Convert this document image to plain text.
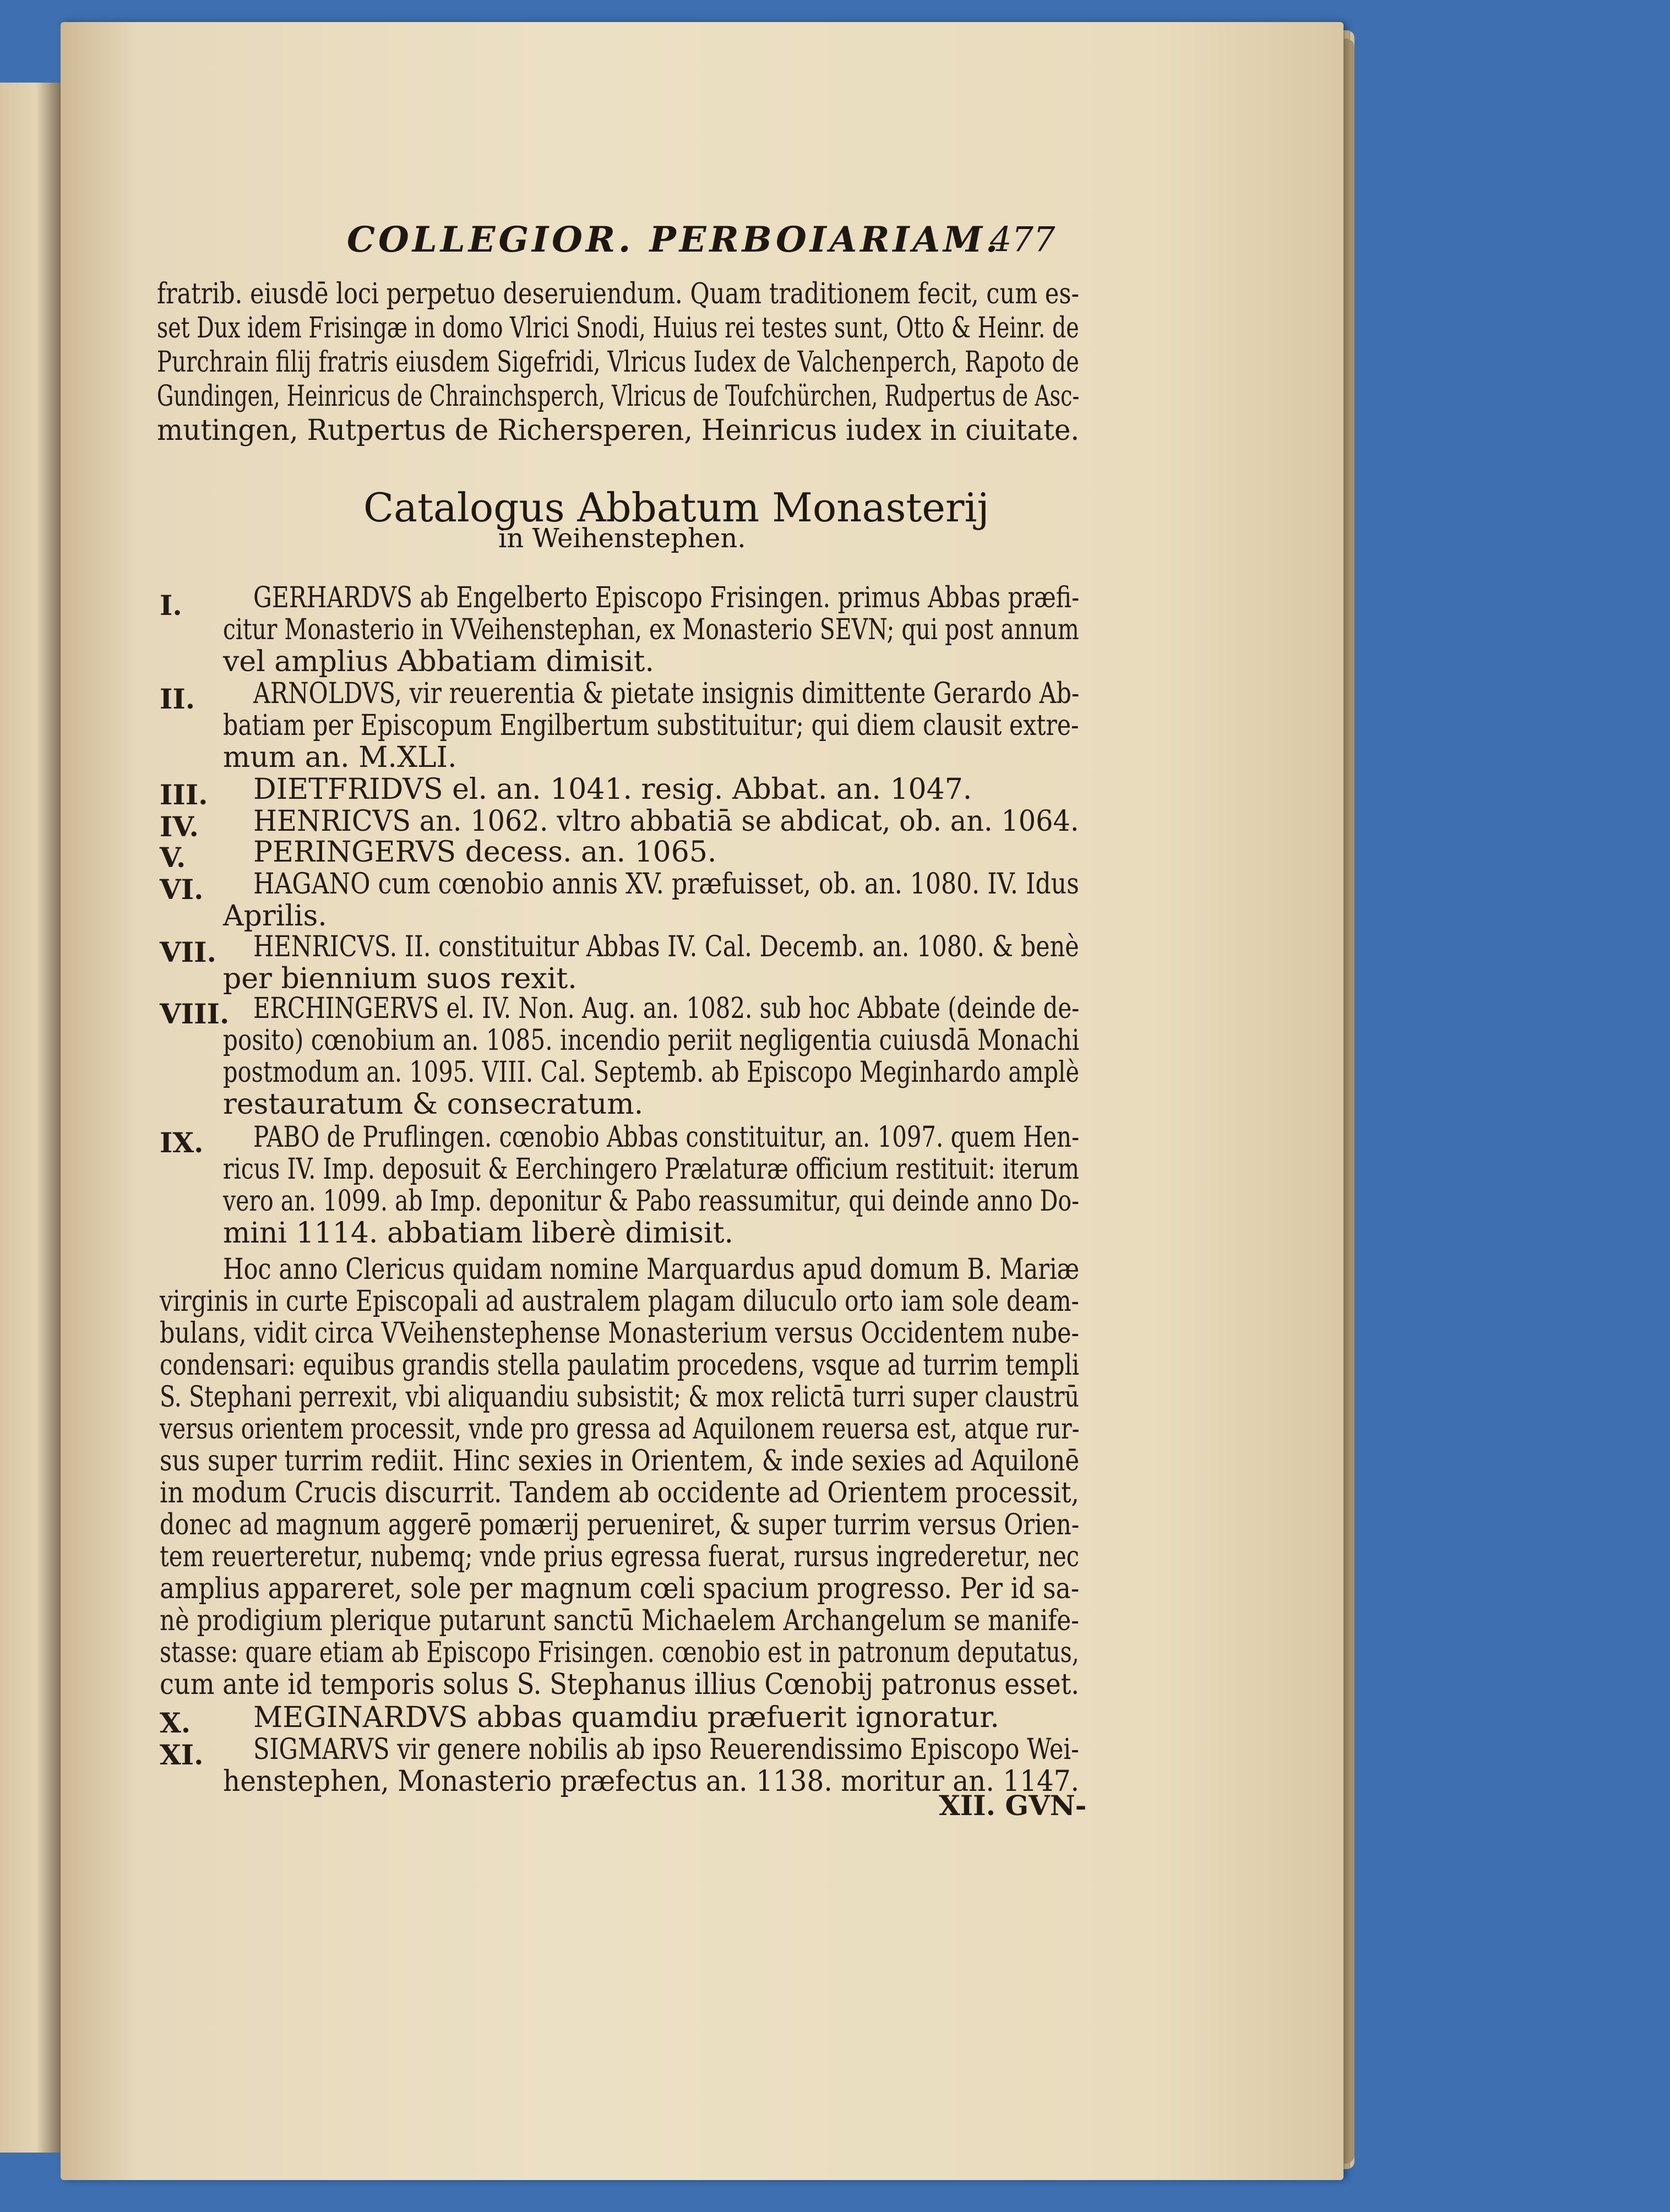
COLLEGIOR. PERBOIARIAM.
477
fratrib. eiusdē loci perpetuo deseruiendum. Quam traditionem fecit, cum es-
set Dux idem Frisingæ in domo Vlrici Snodi, Huius rei testes sunt, Otto & Heinr. de
Purchrain filij fratris eiusdem Sigefridi, Vlricus Iudex de Valchenperch, Rapoto de
Gundingen, Heinricus de Chrainchsperch, Vlricus de Toufchürchen, Rudpertus de Asc-
mutingen, Rutpertus de Richersperen, Heinricus iudex in ciuitate.
Catalogus Abbatum Monasterij
in Weihenstephen.
I.	GERHARDVS ab Engelberto Episcopo Frisingen. primus Abbas præfi-
citur Monasterio in VVeihenstephan, ex Monasterio SEVN; qui post annum
vel amplius Abbatiam dimisit.
II.	ARNOLDVS, vir reuerentia & pietate insignis dimittente Gerardo Ab-
batiam per Episcopum Engilbertum substituitur; qui diem clausit extre-
mum an. M.XLI.
III.	DIETFRIDVS el. an. 1041. resig. Abbat. an. 1047.
IV.	HENRICVS an. 1062. vltro abbatiā se abdicat, ob. an. 1064.
V.	PERINGERVS decess. an. 1065.
VI.	HAGANO cum cœnobio annis XV. præfuisset, ob. an. 1080. IV. Idus
Aprilis.
VII.	HENRICVS. II. constituitur Abbas IV. Cal. Decemb. an. 1080. & benè
per biennium suos rexit.
VIII. ERCHINGERVS el. IV. Non. Aug. an. 1082. sub hoc Abbate (deinde de-
posito) cœnobium an. 1085. incendio periit negligentia cuiusdā Monachi
postmodum an. 1095. VIII. Cal. Septemb. ab Episcopo Meginhardo amplè
restauratum & consecratum.
IX.	PABO de Pruflingen. cœnobio Abbas constituitur, an. 1097. quem Hen-
ricus IV. Imp. deposuit & Eerchingero Prælaturæ officium restituit: iterum
vero an. 1099. ab Imp. deponitur & Pabo reassumitur, qui deinde anno Do-
mini 1114. abbatiam liberè dimisit.
Hoc anno Clericus quidam nomine Marquardus apud domum B. Mariæ
virginis in curte Episcopali ad australem plagam diluculo orto iam sole deam-
bulans, vidit circa VVeihenstephense Monasterium versus Occidentem nube-
condensari: equibus grandis stella paulatim procedens, vsque ad turrim templi
S. Stephani perrexit, vbi aliquandiu subsistit; & mox relictā turri super claustrū
versus orientem processit, vnde pro gressa ad Aquilonem reuersa est, atque rur-
sus super turrim rediit. Hinc sexies in Orientem, & inde sexies ad Aquilonē
in modum Crucis discurrit. Tandem ab occidente ad Orientem processit,
donec ad magnum aggerē pomærij perueniret, & super turrim versus Orien-
tem reuerteretur, nubemq; vnde prius egressa fuerat, rursus ingrederetur, nec
amplius appareret, sole per magnum cœli spacium progresso. Per id sa-
nè prodigium plerique putarunt sanctū Michaelem Archangelum se manife-
stasse: quare etiam ab Episcopo Frisingen. cœnobio est in patronum deputatus,
cum ante id temporis solus S. Stephanus illius Cœnobij patronus esset.
X.	MEGINARDVS abbas quamdiu præfuerit ignoratur.
XI.	SIGMARVS vir genere nobilis ab ipso Reuerendissimo Episcopo Wei-
henstephen, Monasterio præfectus an. 1138. moritur an. 1147.
XII. GVN-
